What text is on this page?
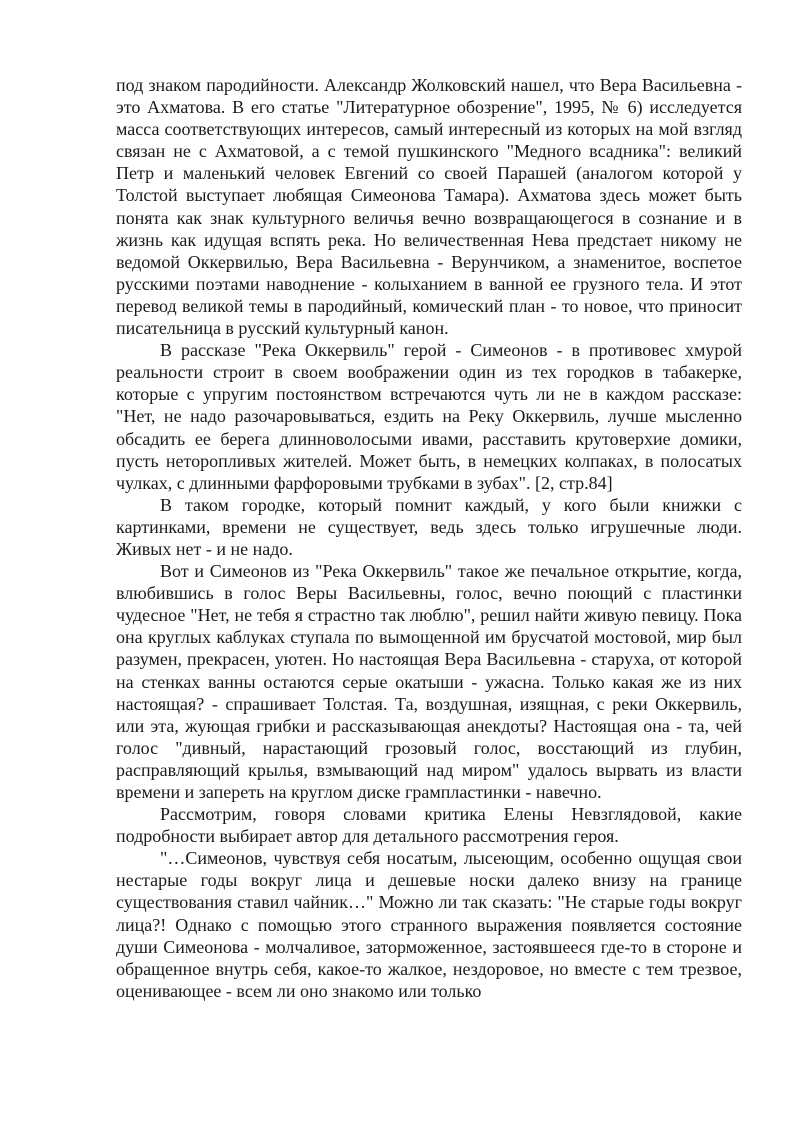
под знаком пародийности. Александр Жолковский нашел, что Вера Васильевна - это Ахматова. В его статье "Литературное обозрение", 1995, № 6) исследуется масса соответствующих интересов, самый интересный из которых на мой взгляд связан не с Ахматовой, а с темой пушкинского "Медного всадника": великий Петр и маленький человек Евгений со своей Парашей (аналогом которой у Толстой выступает любящая Симеонова Тамара). Ахматова здесь может быть понята как знак культурного величья вечно возвращающегося в сознание и в жизнь как идущая вспять река. Но величественная Нева предстает никому не ведомой Оккервилью, Вера Васильевна - Верунчиком, а знаменитое, воспетое русскими поэтами наводнение - колыханием в ванной ее грузного тела. И этот перевод великой темы в пародийный, комический план - то новое, что приносит писательница в русский культурный канон.

В рассказе "Река Оккервиль" герой - Симеонов - в противовес хмурой реальности строит в своем воображении один из тех городков в табакерке, которые с упругим постоянством встречаются чуть ли не в каждом рассказе: "Нет, не надо разочаровываться, ездить на Реку Оккервиль, лучше мысленно обсадить ее берега длинноволосыми ивами, расставить крутоверхие домики, пусть неторопливых жителей. Может быть, в немецких колпаках, в полосатых чулках, с длинными фарфоровыми трубками в зубах". [2, стр.84]

В таком городке, который помнит каждый, у кого были книжки с картинками, времени не существует, ведь здесь только игрушечные люди. Живых нет - и не надо.

Вот и Симеонов из "Река Оккервиль" такое же печальное открытие, когда, влюбившись в голос Веры Васильевны, голос, вечно поющий с пластинки чудесное "Нет, не тебя я страстно так люблю", решил найти живую певицу. Пока она круглых каблуках ступала по вымощенной им брусчатой мостовой, мир был разумен, прекрасен, уютен. Но настоящая Вера Васильевна - старуха, от которой на стенках ванны остаются серые окатыши - ужасна. Только какая же из них настоящая? - спрашивает Толстая. Та, воздушная, изящная, с реки Оккервиль, или эта, жующая грибки и рассказывающая анекдоты? Настоящая она - та, чей голос "дивный, нарастающий грозовый голос, восстающий из глубин, расправляющий крылья, взмывающий над миром" удалось вырвать из власти времени и запереть на круглом диске грампластинки - навечно.

Рассмотрим, говоря словами критика Елены Невзглядовой, какие подробности выбирает автор для детального рассмотрения героя.

"…Симеонов, чувствуя себя носатым, лысеющим, особенно ощущая свои нестарые годы вокруг лица и дешевые носки далеко внизу на границе существования ставил чайник…" Можно ли так сказать: "Не старые годы вокруг лица?! Однако с помощью этого странного выражения появляется состояние души Симеонова - молчаливое, заторможенное, застоявшееся где-то в стороне и обращенное внутрь себя, какое-то жалкое, нездоровое, но вместе с тем трезвое, оценивающее - всем ли оно знакомо или только
